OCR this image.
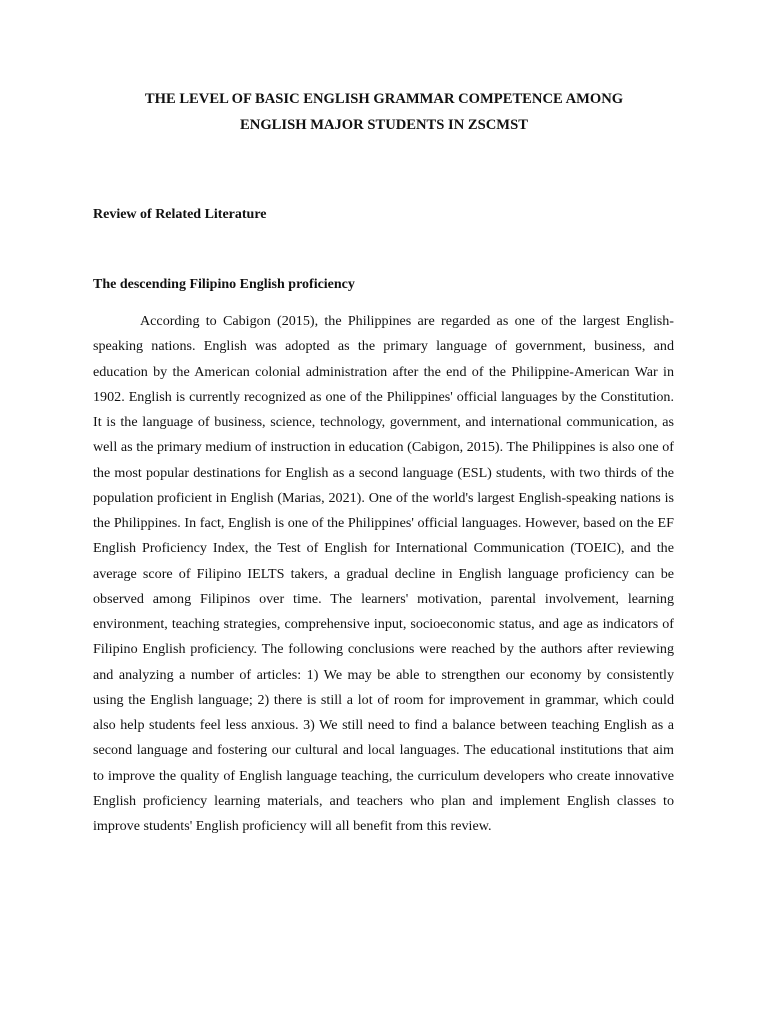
THE LEVEL OF BASIC ENGLISH GRAMMAR COMPETENCE AMONG
ENGLISH MAJOR STUDENTS IN ZSCMST
Review of Related Literature
The descending Filipino English proficiency

According to Cabigon (2015), the Philippines are regarded as one of the largest English-speaking nations. English was adopted as the primary language of government, business, and education by the American colonial administration after the end of the Philippine-American War in 1902. English is currently recognized as one of the Philippines' official languages by the Constitution. It is the language of business, science, technology, government, and international communication, as well as the primary medium of instruction in education (Cabigon, 2015). The Philippines is also one of the most popular destinations for English as a second language (ESL) students, with two thirds of the population proficient in English (Marias, 2021). One of the world's largest English-speaking nations is the Philippines. In fact, English is one of the Philippines' official languages. However, based on the EF English Proficiency Index, the Test of English for International Communication (TOEIC), and the average score of Filipino IELTS takers, a gradual decline in English language proficiency can be observed among Filipinos over time. The learners' motivation, parental involvement, learning environment, teaching strategies, comprehensive input, socioeconomic status, and age as indicators of Filipino English proficiency. The following conclusions were reached by the authors after reviewing and analyzing a number of articles: 1) We may be able to strengthen our economy by consistently using the English language; 2) there is still a lot of room for improvement in grammar, which could also help students feel less anxious. 3) We still need to find a balance between teaching English as a second language and fostering our cultural and local languages. The educational institutions that aim to improve the quality of English language teaching, the curriculum developers who create innovative English proficiency learning materials, and teachers who plan and implement English classes to improve students' English proficiency will all benefit from this review.
